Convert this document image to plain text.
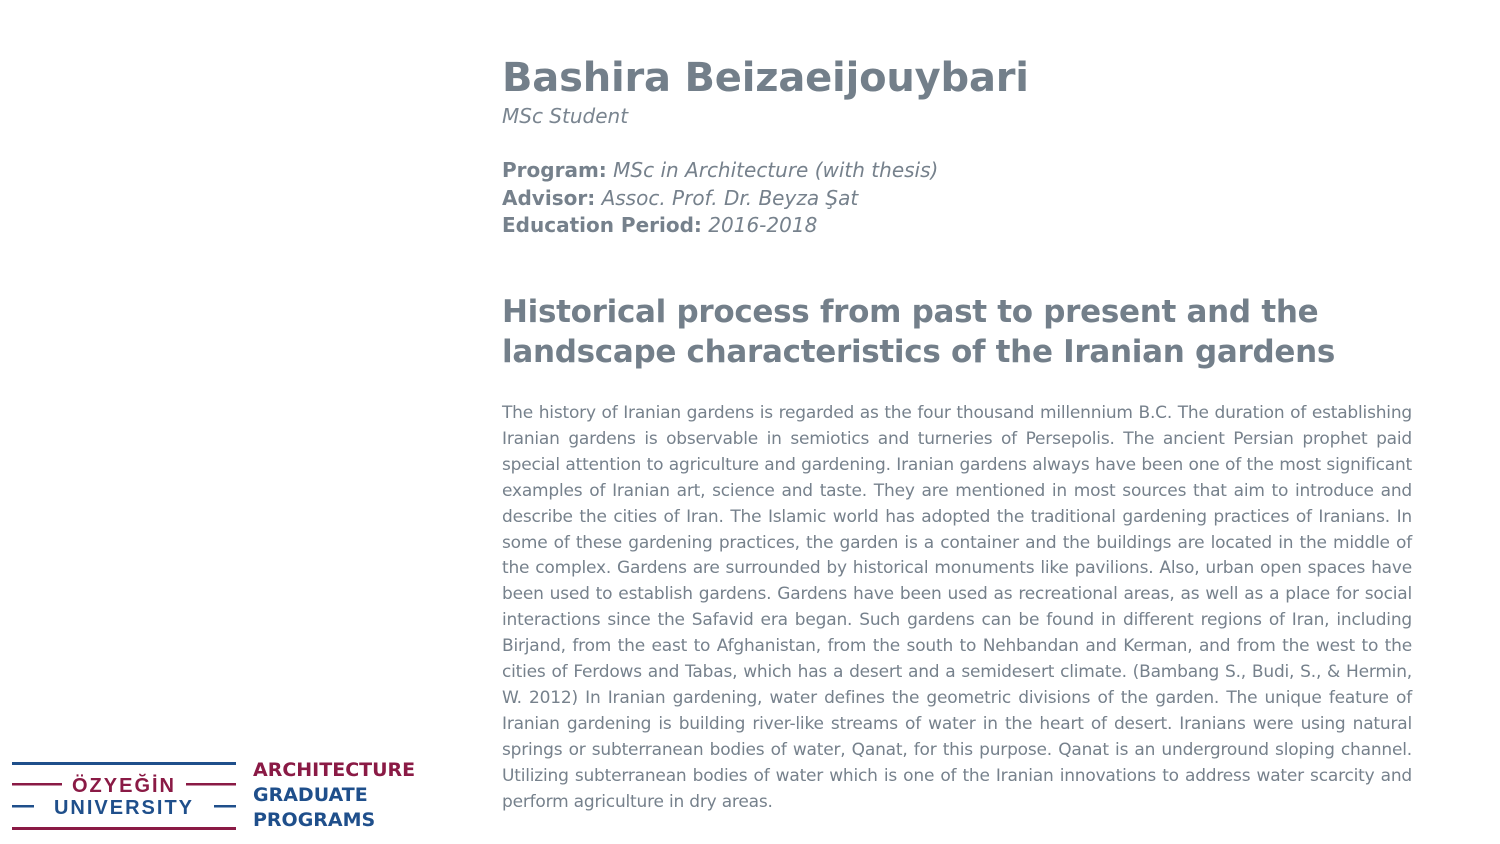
Bashira Beizaeijouybari
MSc Student
Program: MSc in Architecture (with thesis)
Advisor: Assoc. Prof. Dr. Beyza Şat
Education Period: 2016-2018
Historical process from past to present and the landscape characteristics of the Iranian gardens

The history of Iranian gardens is regarded as the four thousand millennium B.C. The duration of establishing Iranian gardens is observable in semiotics and turneries of Persepolis. The ancient Persian prophet paid special attention to agriculture and gardening. Iranian gardens always have been one of the most significant examples of Iranian art, science and taste. They are mentioned in most sources that aim to introduce and describe the cities of Iran. The Islamic world has adopted the traditional gardening practices of Iranians. In some of these gardening practices, the garden is a container and the buildings are located in the middle of the complex. Gardens are surrounded by historical monuments like pavilions. Also, urban open spaces have been used to establish gardens. Gardens have been used as recreational areas, as well as a place for social interactions since the Safavid era began. Such gardens can be found in different regions of Iran, including Birjand, from the east to Afghanistan, from the south to Nehbandan and Kerman, and from the west to the cities of Ferdows and Tabas, which has a desert and a semidesert climate. (Bambang S., Budi, S., & Hermin, W. 2012) In Iranian gardening, water defines the geometric divisions of the garden. The unique feature of Iranian gardening is building river-like streams of water in the heart of desert. Iranians were using natural springs or subterranean bodies of water, Qanat, for this purpose. Qanat is an underground sloping channel. Utilizing subterranean bodies of water which is one of the Iranian innovations to address water scarcity and perform agriculture in dry areas.

ÖZYEĞİN
UNIVERSITY
ARCHITECTURE
GRADUATE
PROGRAMS
